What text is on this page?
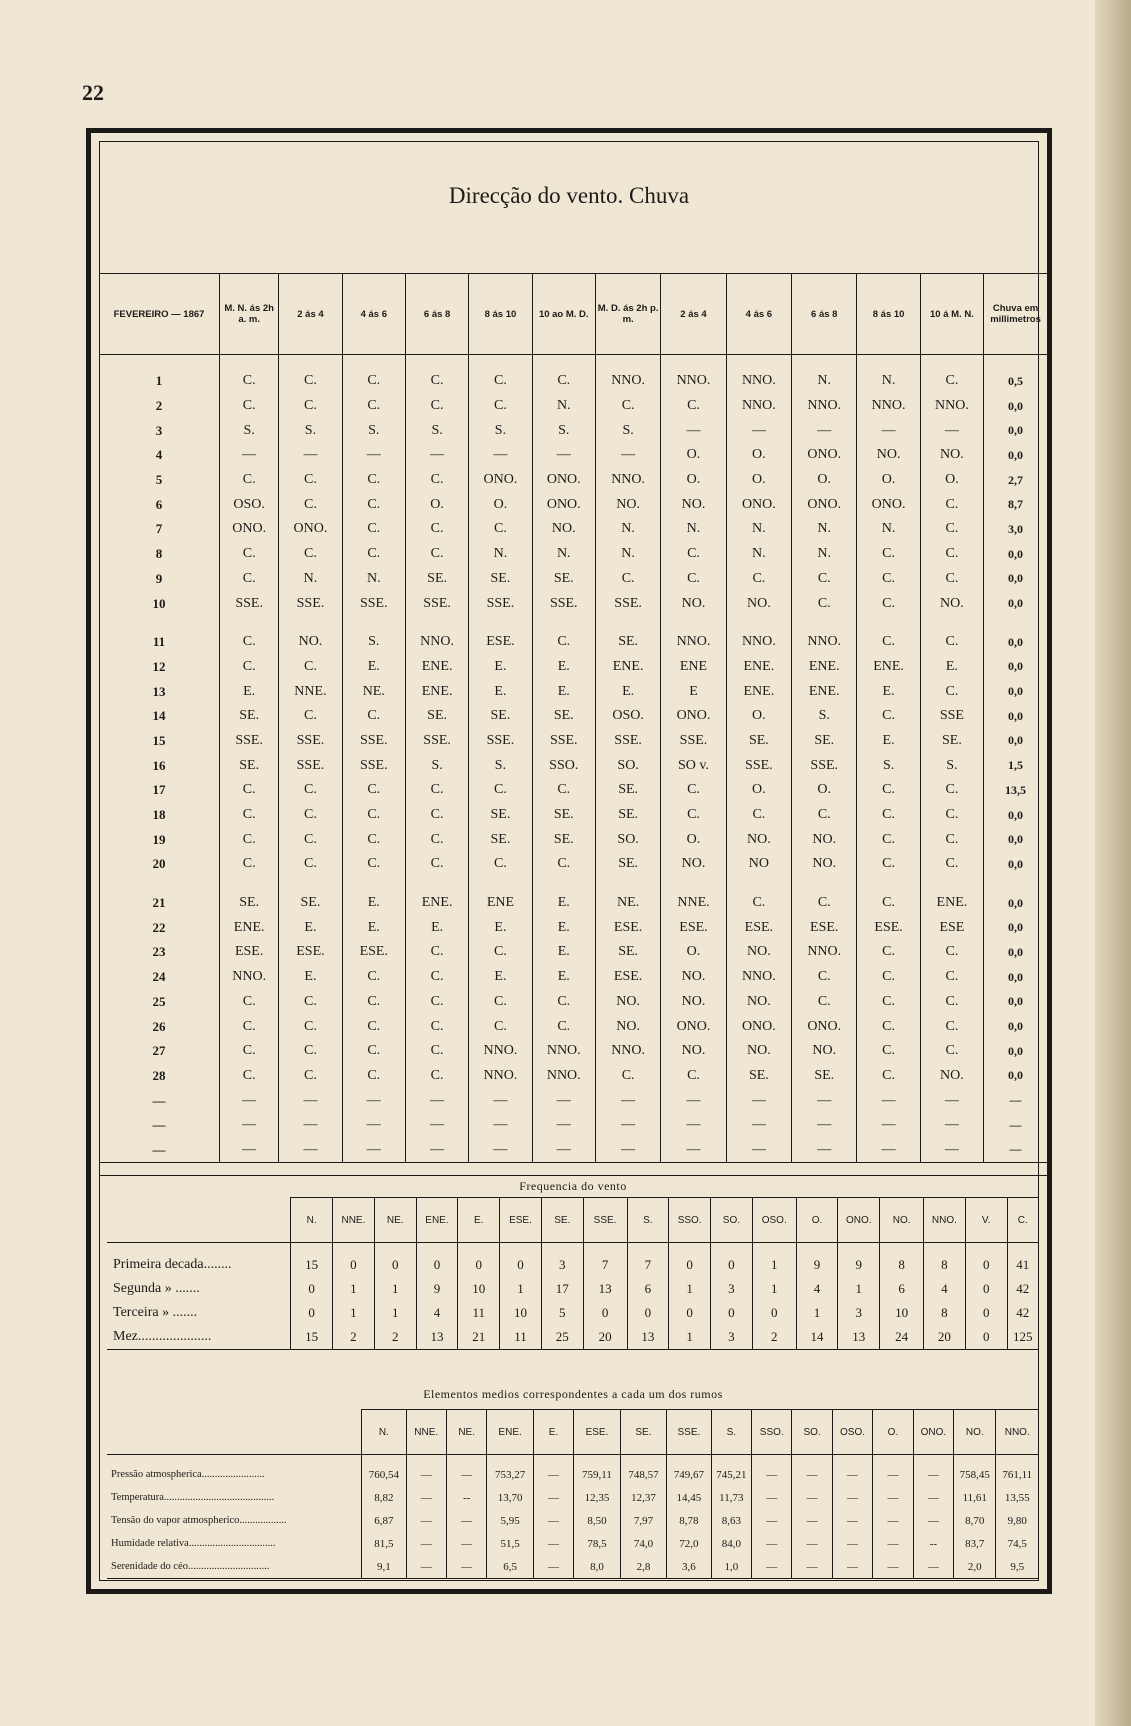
22
Direcção do vento. Chuva
FEVEREIRO — 1867	M. N. ás 2h a. m.	2 ás 4	4 ás 6	6 ás 8	8 ás 10	10 ao M. D.	M. D. ás 2h p. m.	2 ás 4	4 ás 6	6 ás 8	8 ás 10	10 á M. N.	Chuva em millimetros

1	C.	C.	C.	C.	C.	C.	NNO.	NNO.	NNO.	N.	N.	C.	0,5
2	C.	C.	C.	C.	C.	N.	C.	C.	NNO.	NNO.	NNO.	NNO.	0,0
3	S.	S.	S.	S.	S.	S.	S.	—	—	—	—	—	0,0
4	—	—	—	—	—	—	—	O.	O.	ONO.	NO.	NO.	0,0
5	C.	C.	C.	C.	ONO.	ONO.	NNO.	O.	O.	O.	O.	O.	2,7
6	OSO.	C.	C.	O.	O.	ONO.	NO.	NO.	ONO.	ONO.	ONO.	C.	8,7
7	ONO.	ONO.	C.	C.	C.	NO.	N.	N.	N.	N.	N.	C.	3,0
8	C.	C.	C.	C.	N.	N.	N.	C.	N.	N.	C.	C.	0,0
9	C.	N.	N.	SE.	SE.	SE.	C.	C.	C.	C.	C.	C.	0,0
10	SSE.	SSE.	SSE.	SSE.	SSE.	SSE.	SSE.	NO.	NO.	C.	C.	NO.	0,0

11	C.	NO.	S.	NNO.	ESE.	C.	SE.	NNO.	NNO.	NNO.	C.	C.	0,0
12	C.	C.	E.	ENE.	E.	E.	ENE.	ENE	ENE.	ENE.	ENE.	E.	0,0
13	E.	NNE.	NE.	ENE.	E.	E.	E.	E	ENE.	ENE.	E.	C.	0,0
14	SE.	C.	C.	SE.	SE.	SE.	OSO.	ONO.	O.	S.	C.	SSE	0,0
15	SSE.	SSE.	SSE.	SSE.	SSE.	SSE.	SSE.	SSE.	SE.	SE.	E.	SE.	0,0
16	SE.	SSE.	SSE.	S.	S.	SSO.	SO.	SO v.	SSE.	SSE.	S.	S.	1,5
17	C.	C.	C.	C.	C.	C.	SE.	C.	O.	O.	C.	C.	13,5
18	C.	C.	C.	C.	SE.	SE.	SE.	C.	C.	C.	C.	C.	0,0
19	C.	C.	C.	C.	SE.	SE.	SO.	O.	NO.	NO.	C.	C.	0,0
20	C.	C.	C.	C.	C.	C.	SE.	NO.	NO	NO.	C.	C.	0,0

21	SE.	SE.	E.	ENE.	ENE	E.	NE.	NNE.	C.	C.	C.	ENE.	0,0
22	ENE.	E.	E.	E.	E.	E.	ESE.	ESE.	ESE.	ESE.	ESE.	ESE	0,0
23	ESE.	ESE.	ESE.	C.	C.	E.	SE.	O.	NO.	NNO.	C.	C.	0,0
24	NNO.	E.	C.	C.	E.	E.	ESE.	NO.	NNO.	C.	C.	C.	0,0
25	C.	C.	C.	C.	C.	C.	NO.	NO.	NO.	C.	C.	C.	0,0
26	C.	C.	C.	C.	C.	C.	NO.	ONO.	ONO.	ONO.	C.	C.	0,0
27	C.	C.	C.	C.	NNO.	NNO.	NNO.	NO.	NO.	NO.	C.	C.	0,0
28	C.	C.	C.	C.	NNO.	NNO.	C.	C.	SE.	SE.	C.	NO.	0,0
—	—	—	—	—	—	—	—	—	—	—	—	—	—
—	—	—	—	—	—	—	—	—	—	—	—	—	—
—	—	—	—	—	—	—	—	—	—	—	—	—	—
Frequencia do vento
	N.	NNE.	NE.	ENE.	E.	ESE.	SE.	SSE.	S.	SSO.	SO.	OSO.	O.	ONO.	NO.	NNO.	V.	C.
Primeira decada........	15	0	0	0	0	0	3	7	7	0	0	1	9	9	8	8	0	41
Segunda » .......	0	1	1	9	10	1	17	13	6	1	3	1	4	1	6	4	0	42
Terceira » .......	0	1	1	4	11	10	5	0	0	0	0	0	1	3	10	8	0	42
Mez.....................	15	2	2	13	21	11	25	20	13	1	3	2	14	13	24	20	0	125
Elementos medios correspondentes a cada um dos rumos
	N.	NNE.	NE.	ENE.	E.	ESE.	SE.	SSE.	S.	SSO.	SO.	OSO.	O.	ONO.	NO.	NNO.
Pressão atmospherica........................	760,54	—	—	753,27	—	759,11	748,57	749,67	745,21	—	—	—	—	—	758,45	761,11
Temperatura..........................................	8,82	—	--	13,70	—	12,35	12,37	14,45	11,73	—	—	—	—	—	11,61	13,55
Tensão do vapor atmospherico..................	6,87	—	—	5,95	—	8,50	7,97	8,78	8,63	—	—	—	—	—	8,70	9,80
Humidade relativa.................................	81,5	—	—	51,5	—	78,5	74,0	72,0	84,0	—	—	—	—	--	83,7	74,5
Serenidade do céo...............................	9,1	—	—	6,5	—	8,0	2,8	3,6	1,0	—	—	—	—	—	2,0	9,5
